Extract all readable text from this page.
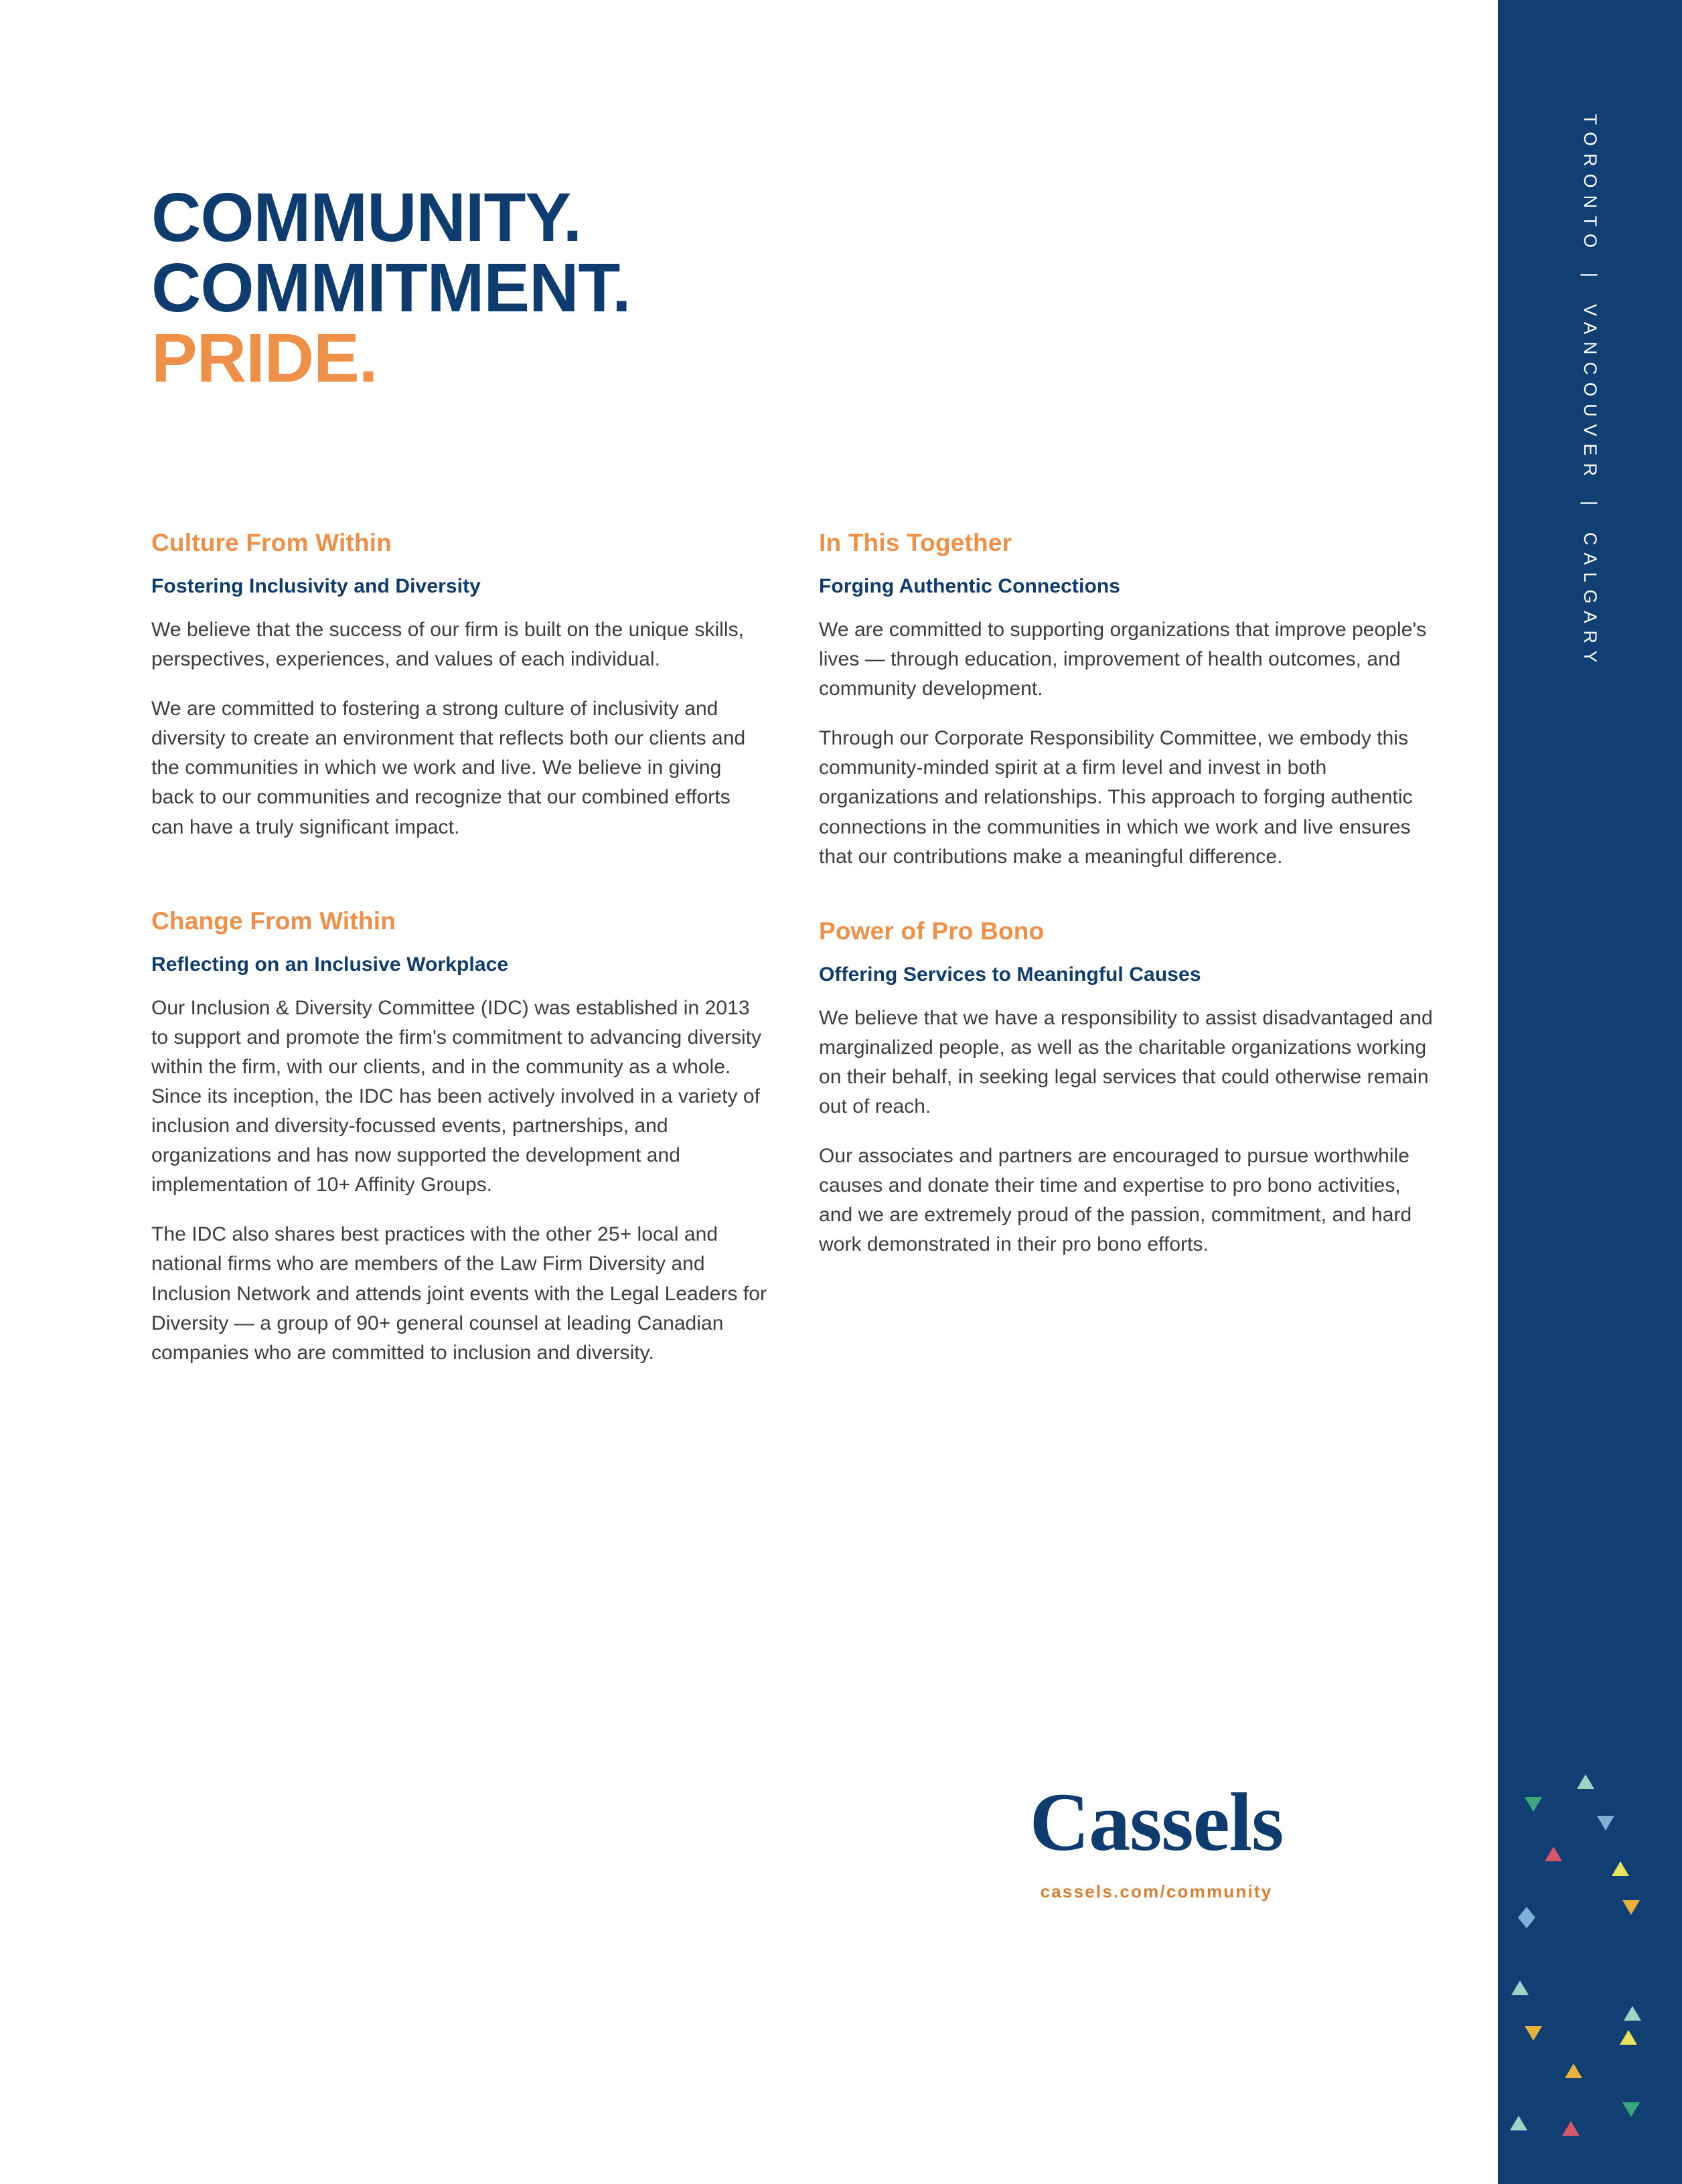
COMMUNITY.
COMMITMENT.
PRIDE.
Culture From Within
Fostering Inclusivity and Diversity

We believe that the success of our firm is built on the unique skills, perspectives, experiences, and values of each individual.

We are committed to fostering a strong culture of inclusivity and diversity to create an environment that reflects both our clients and the communities in which we work and live. We believe in giving back to our communities and recognize that our combined efforts can have a truly significant impact.

Change From Within
Reflecting on an Inclusive Workplace

Our Inclusion & Diversity Committee (IDC) was established in 2013 to support and promote the firm's commitment to advancing diversity within the firm, with our clients, and in the community as a whole. Since its inception, the IDC has been actively involved in a variety of inclusion and diversity-focussed events, partnerships, and organizations and has now supported the development and implementation of 10+ Affinity Groups.

The IDC also shares best practices with the other 25+ local and national firms who are members of the Law Firm Diversity and Inclusion Network and attends joint events with the Legal Leaders for Diversity — a group of 90+ general counsel at leading Canadian companies who are committed to inclusion and diversity.

In This Together
Forging Authentic Connections

We are committed to supporting organizations that improve people's lives — through education, improvement of health outcomes, and community development.

Through our Corporate Responsibility Committee, we embody this community-minded spirit at a firm level and invest in both organizations and relationships. This approach to forging authentic connections in the communities in which we work and live ensures that our contributions make a meaningful difference.

Power of Pro Bono
Offering Services to Meaningful Causes

We believe that we have a responsibility to assist disadvantaged and marginalized people, as well as the charitable organizations working on their behalf, in seeking legal services that could otherwise remain out of reach.

Our associates and partners are encouraged to pursue worthwhile causes and donate their time and expertise to pro bono activities, and we are extremely proud of the passion, commitment, and hard work demonstrated in their pro bono efforts.

Cassels
cassels.com/community
TORONTO
|
VANCOUVER
|
CALGARY
